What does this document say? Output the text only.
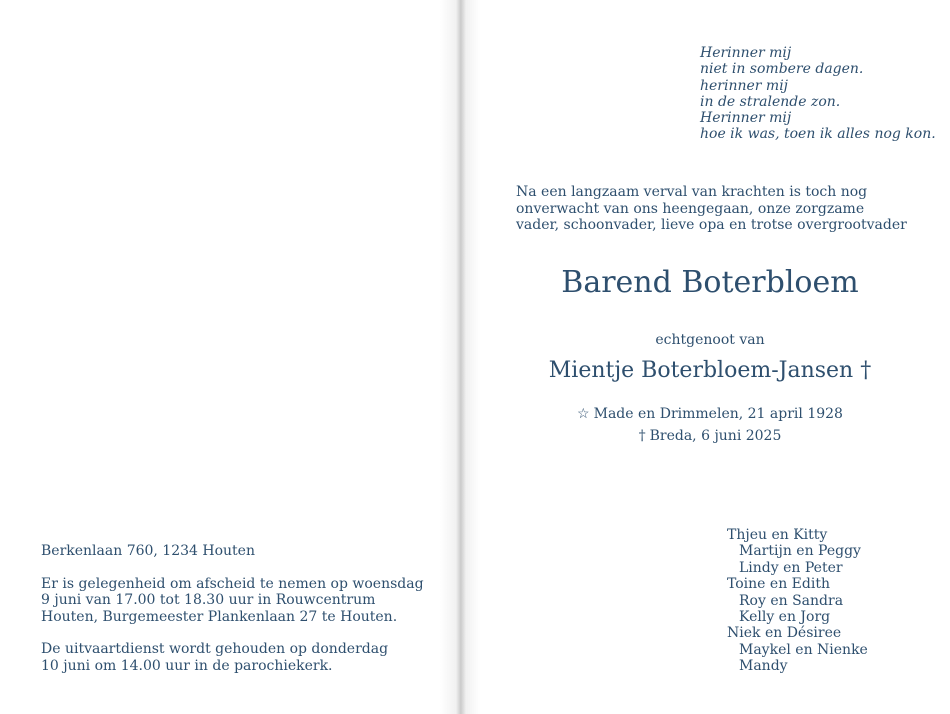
Herinner mij
niet in sombere dagen.
herinner mij
in de stralende zon.
Herinner mij
hoe ik was, toen ik alles nog kon.
Na een langzaam verval van krachten is toch nog
onverwacht van ons heengegaan, onze zorgzame
vader, schoonvader, lieve opa en trotse overgrootvader
Barend Boterbloem
echtgenoot van
Mientje Boterbloem-Jansen †
☆ Made en Drimmelen, 21 april 1928
† Breda, 6 juni 2025
Thjeu en Kitty
Martijn en Peggy
Lindy en Peter
Toine en Edith
Roy en Sandra
Kelly en Jorg
Niek en Désiree
Maykel en Nienke
Mandy
Berkenlaan 760, 1234 Houten
Er is gelegenheid om afscheid te nemen op woensdag
9 juni van 17.00 tot 18.30 uur in Rouwcentrum
Houten, Burgemeester Plankenlaan 27 te Houten.
De uitvaartdienst wordt gehouden op donderdag
10 juni om 14.00 uur in de parochiekerk.
